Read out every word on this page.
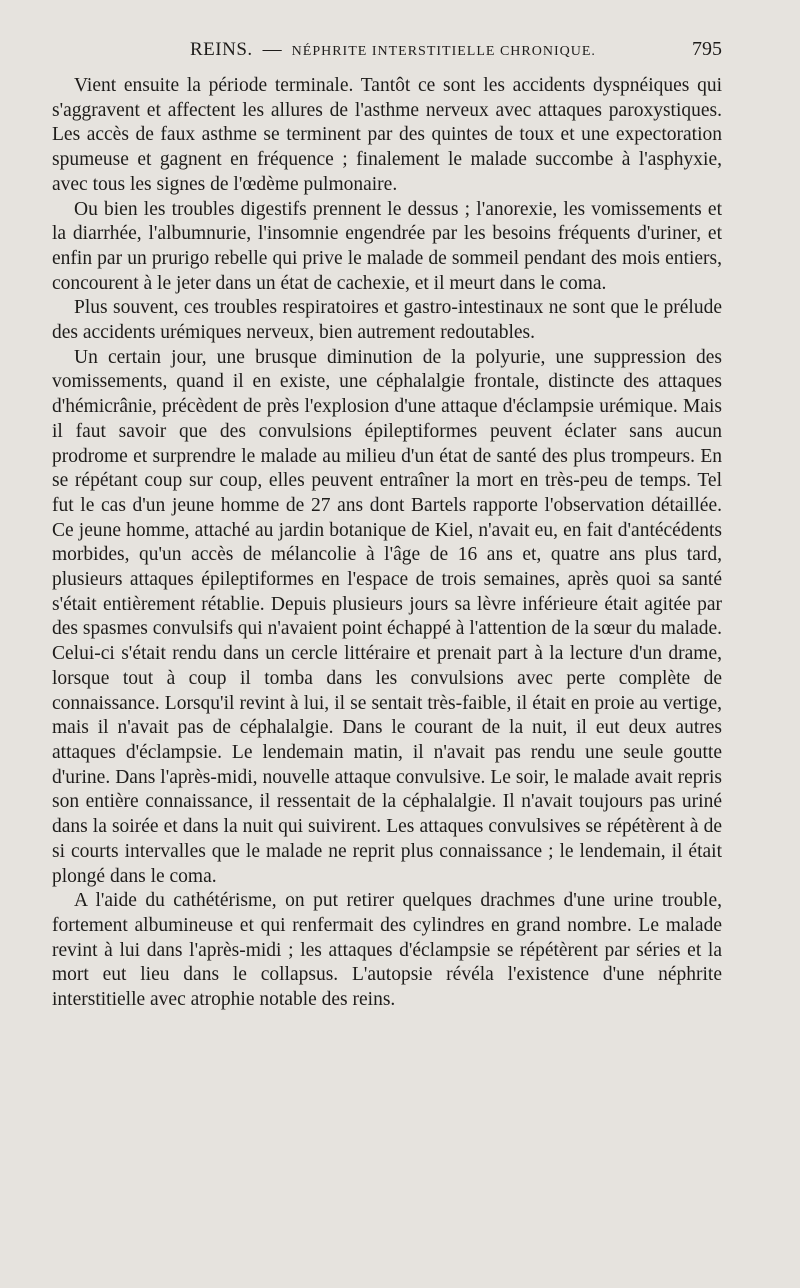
REINS. — NÉPHRITE INTERSTITIELLE CHRONIQUE.	795

Vient ensuite la période terminale. Tantôt ce sont les accidents dyspnéiques qui s'aggravent et affectent les allures de l'asthme nerveux avec attaques paroxystiques. Les accès de faux asthme se terminent par des quintes de toux et une expectoration spumeuse et gagnent en fréquence ; finalement le malade succombe à l'asphyxie, avec tous les signes de l'œdème pulmonaire.

Ou bien les troubles digestifs prennent le dessus ; l'anorexie, les vomissements et la diarrhée, l'albumnurie, l'insomnie engendrée par les besoins fréquents d'uriner, et enfin par un prurigo rebelle qui prive le malade de sommeil pendant des mois entiers, concourent à le jeter dans un état de cachexie, et il meurt dans le coma.

Plus souvent, ces troubles respiratoires et gastro-intestinaux ne sont que le prélude des accidents urémiques nerveux, bien autrement redoutables.

Un certain jour, une brusque diminution de la polyurie, une suppression des vomissements, quand il en existe, une céphalalgie frontale, distincte des attaques d'hémicrânie, précèdent de près l'explosion d'une attaque d'éclampsie urémique. Mais il faut savoir que des convulsions épileptiformes peuvent éclater sans aucun prodrome et surprendre le malade au milieu d'un état de santé des plus trompeurs. En se répétant coup sur coup, elles peuvent entraîner la mort en très-peu de temps. Tel fut le cas d'un jeune homme de 27 ans dont Bartels rapporte l'observation détaillée. Ce jeune homme, attaché au jardin botanique de Kiel, n'avait eu, en fait d'antécédents morbides, qu'un accès de mélancolie à l'âge de 16 ans et, quatre ans plus tard, plusieurs attaques épileptiformes en l'espace de trois semaines, après quoi sa santé s'était entièrement rétablie. Depuis plusieurs jours sa lèvre inférieure était agitée par des spasmes convulsifs qui n'avaient point échappé à l'attention de la sœur du malade. Celui-ci s'était rendu dans un cercle littéraire et prenait part à la lecture d'un drame, lorsque tout à coup il tomba dans les convulsions avec perte complète de connaissance. Lorsqu'il revint à lui, il se sentait très-faible, il était en proie au vertige, mais il n'avait pas de céphalalgie. Dans le courant de la nuit, il eut deux autres attaques d'éclampsie. Le lendemain matin, il n'avait pas rendu une seule goutte d'urine. Dans l'après-midi, nouvelle attaque convulsive. Le soir, le malade avait repris son entière connaissance, il ressentait de la céphalalgie. Il n'avait toujours pas uriné dans la soirée et dans la nuit qui suivirent. Les attaques convulsives se répétèrent à de si courts intervalles que le malade ne reprit plus connaissance ; le lendemain, il était plongé dans le coma.

A l'aide du cathétérisme, on put retirer quelques drachmes d'une urine trouble, fortement albumineuse et qui renfermait des cylindres en grand nombre. Le malade revint à lui dans l'après-midi ; les attaques d'éclampsie se répétèrent par séries et la mort eut lieu dans le collapsus. L'autopsie révéla l'existence d'une néphrite interstitielle avec atrophie notable des reins.
